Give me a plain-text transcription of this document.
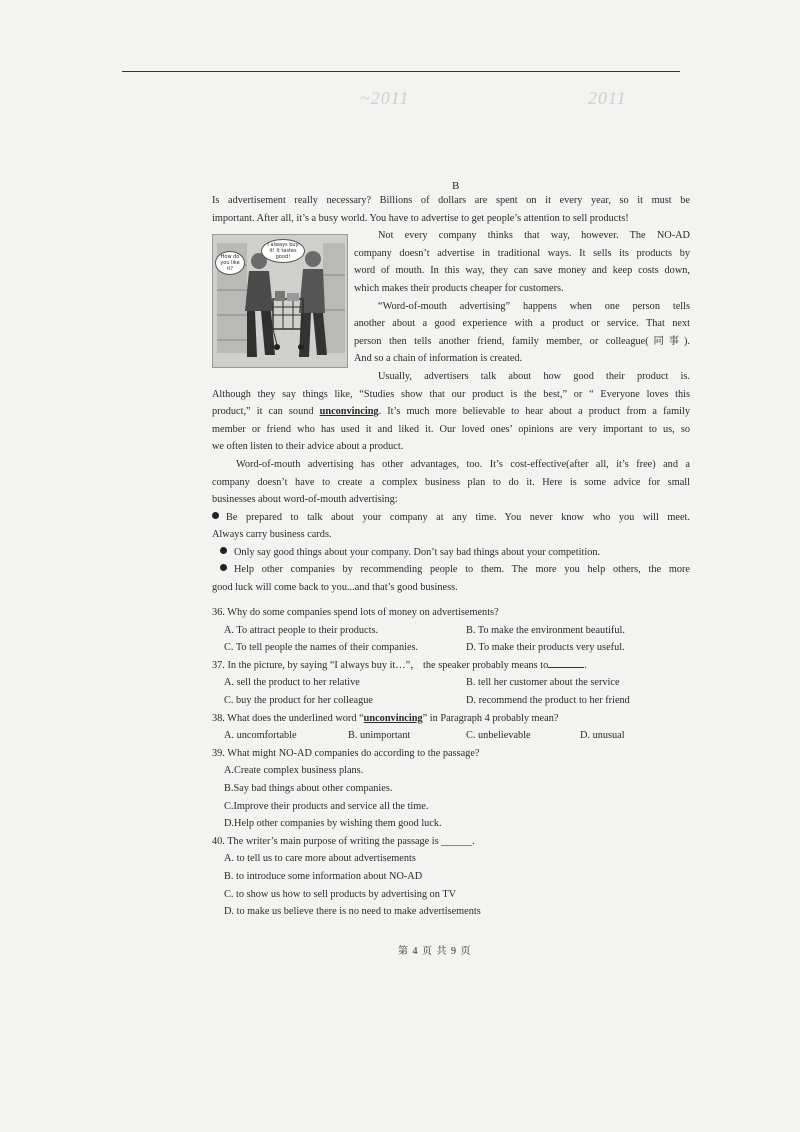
~2011	2011
B
How do you like it?
I always buy it! It tastes good!

Is advertisement really necessary? Billions of dollars are spent on it every year, so it must be

important. After all, it’s a busy world. You have to advertise to get people’s attention to sell products!

Not every company thinks that way, however. The NO-AD

company doesn’t advertise in traditional ways. It sells its products by

word of mouth. In this way, they can save money and keep costs down,

which makes their products cheaper for customers.

“Word-of-mouth advertising” happens when one person tells

another about a good experience with a product or service. That next

person then tells another friend, family member, or colleague(同事).

And so a chain of information is created.

Usually, advertisers talk about how good their product is.

Although they say things like, “Studies show that our product is the best,” or “ Everyone loves this

product,” it can sound unconvincing. It’s much more believable to hear about a product from a family

member or friend who has used it and liked it. Our loved ones’ opinions are very important to us, so

we often listen to their advice about a product.

Word-of-mouth advertising has other advantages, too. It’s cost-effective(after all, it’s free) and a

company doesn’t have to create a complex business plan to do it. Here is some advice for small

businesses about word-of-mouth advertising:

Be prepared to talk about your company at any time. You never know who you will meet.

Always carry business cards.

Only say good things about your company. Don’t say bad things about your competition.

Help other companies by recommending people to them. The more you help others, the more

good luck will come back to you...and that’s good business.

36. Why do some companies spend lots of money on advertisements?

A. To attract people to their products.	B. To make the environment beautiful.
C. To tell people the names of their companies.	D. To make their products very useful.

37. In the picture, by saying “I always buy it…”， the speaker probably means to	.

A. sell the product to her relative	B. tell her customer about the service
C. buy the product for her colleague	D. recommend the product to her friend

38. What does the underlined word “unconvincing” in Paragraph 4 probably mean?

A. uncomfortable	B. unimportant	C. unbelievable	D. unusual

39. What might NO-AD companies do according to the passage?

A.Create complex business plans.

B.Say bad things about other companies.

C.Improve their products and service all the time.

D.Help other companies by wishing them good luck.

40. The writer’s main purpose of writing the passage is ______.

A. to tell us to care more about advertisements

B. to introduce some information about NO-AD

C. to show us how to sell products by advertising on TV

D. to make us believe there is no need to make advertisements

第 4 页 共 9 页
